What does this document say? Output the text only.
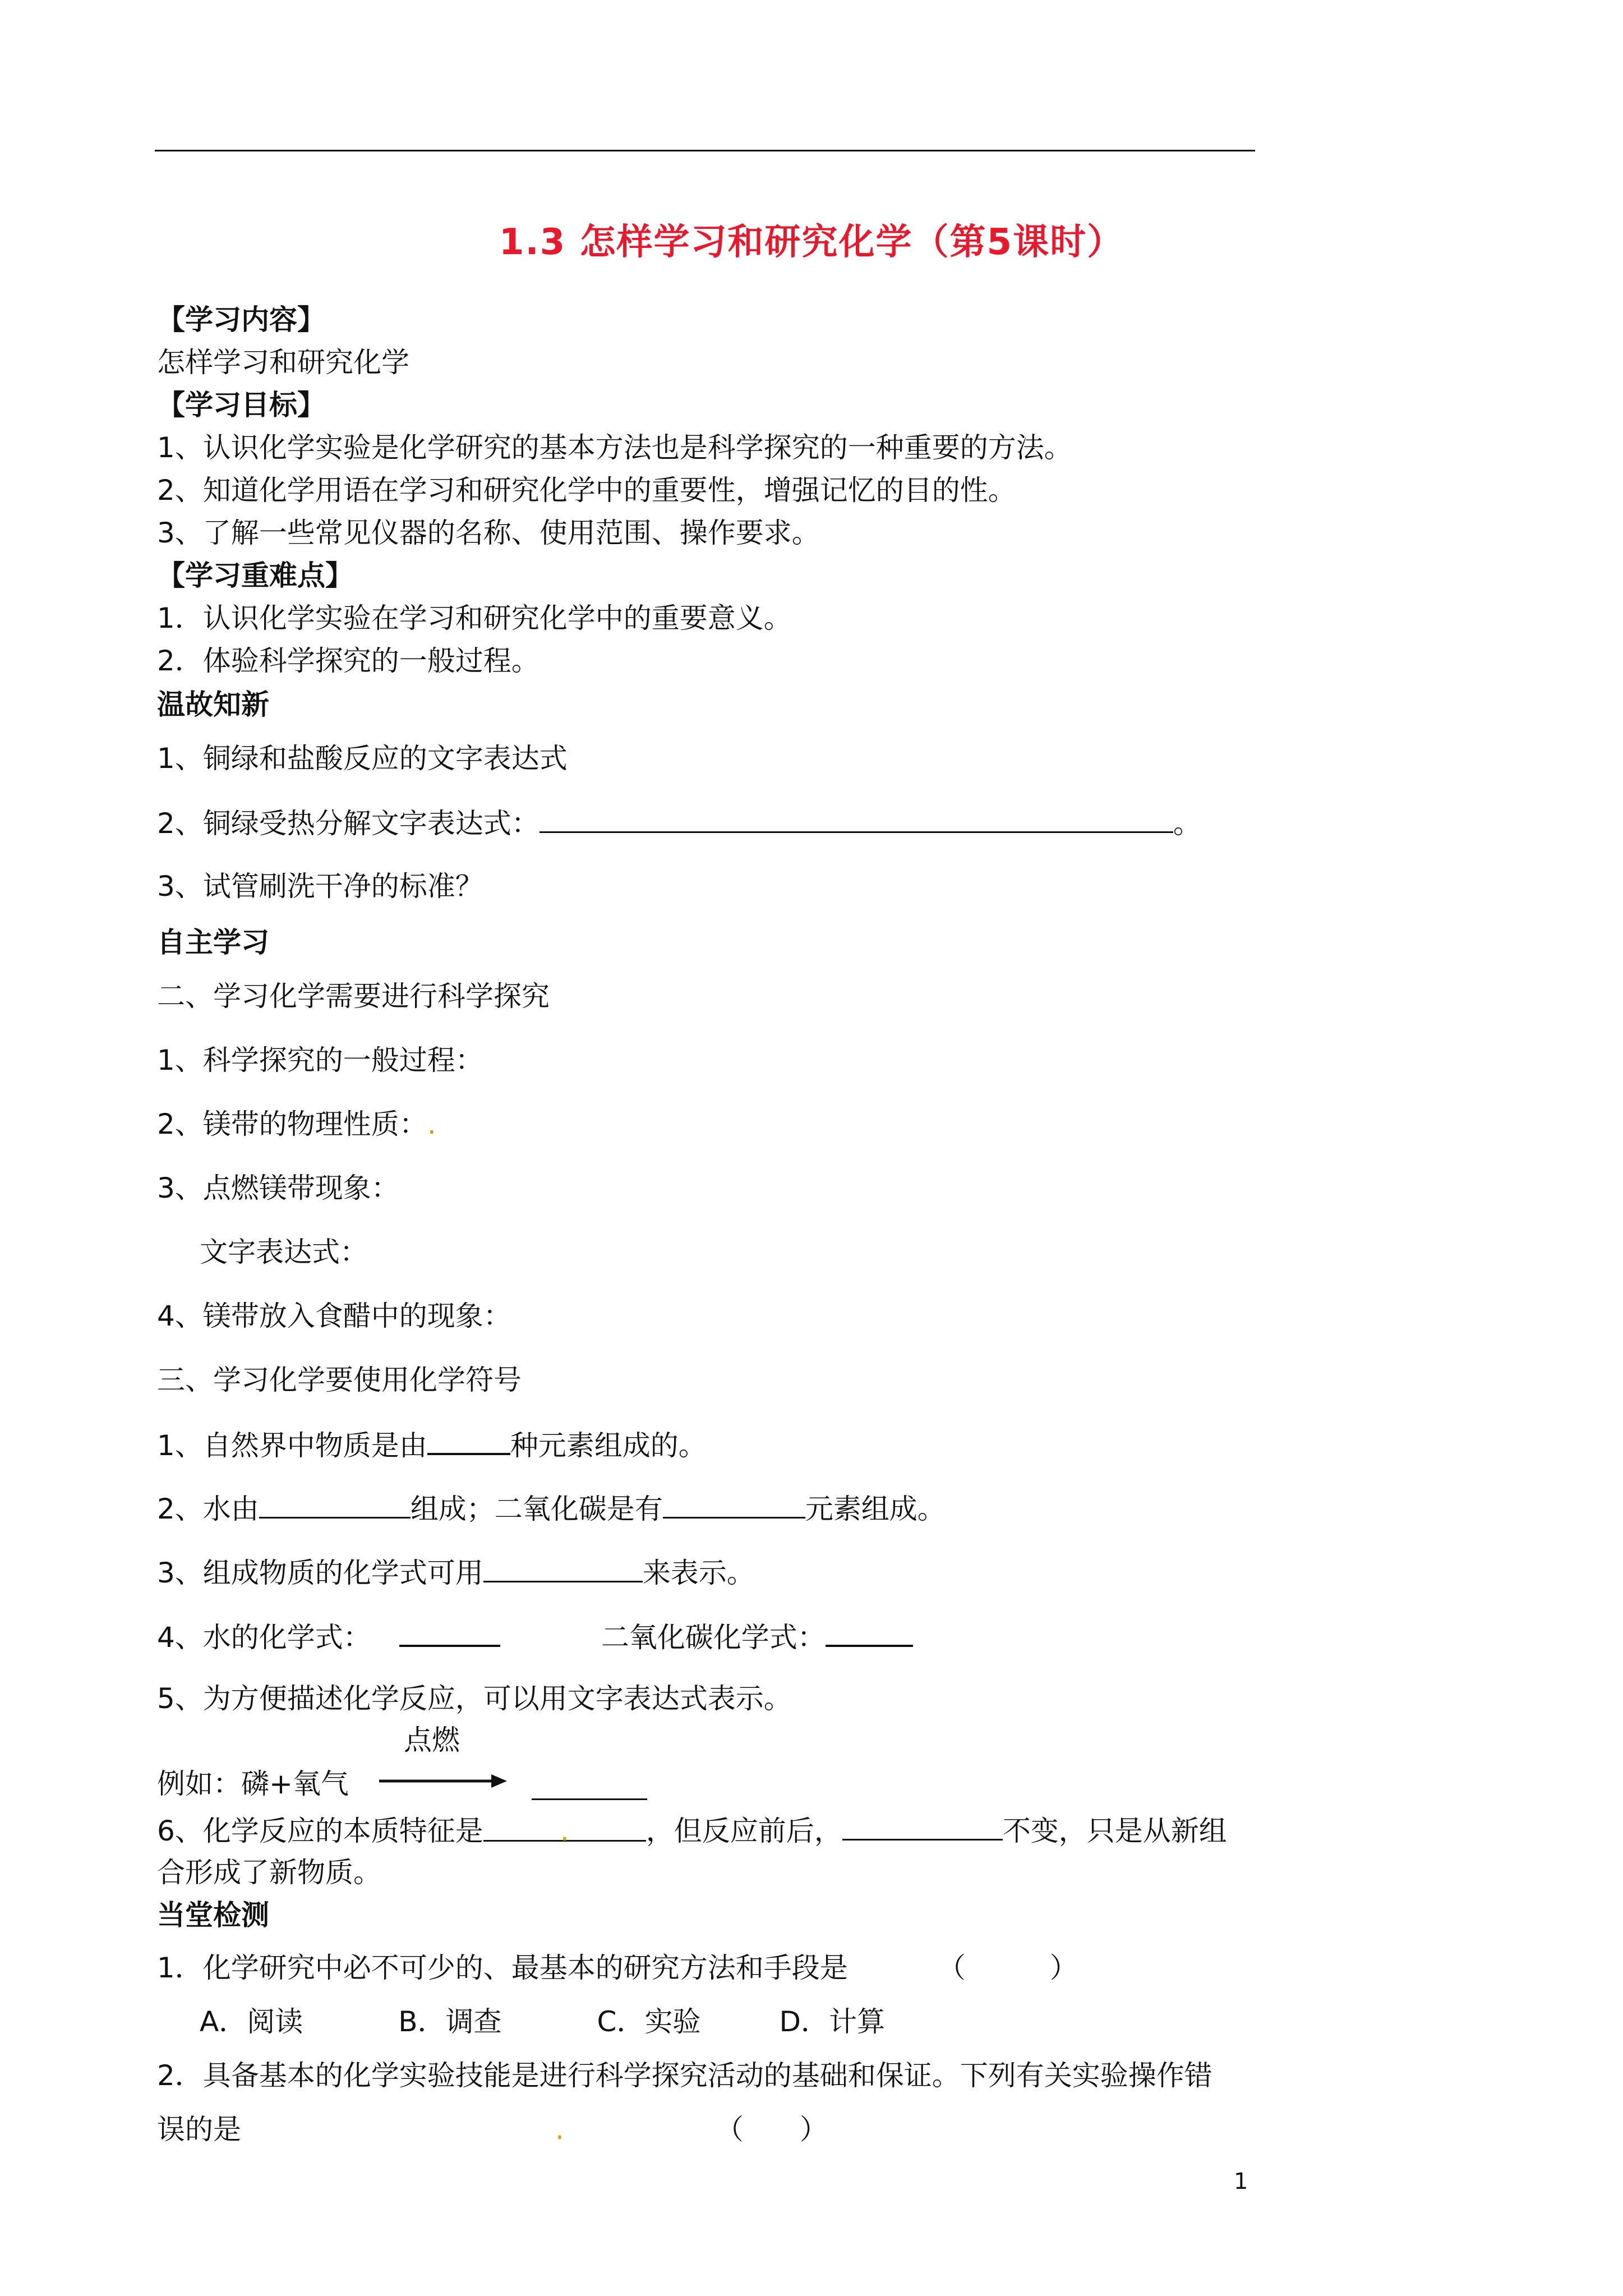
1.3 怎样学习和研究化学（第5课时）
【学习内容】
怎样学习和研究化学
【学习目标】
1、认识化学实验是化学研究的基本方法也是科学探究的一种重要的方法。
2、知道化学用语在学习和研究化学中的重要性，增强记忆的目的性。
3、了解一些常见仪器的名称、使用范围、操作要求。
【学习重难点】
1．认识化学实验在学习和研究化学中的重要意义。
2．体验科学探究的一般过程。
温故知新
1、铜绿和盐酸反应的文字表达式
2、铜绿受热分解文字表达式：	。
3、试管刷洗干净的标准？
自主学习
二、学习化学需要进行科学探究
1、科学探究的一般过程：
2、镁带的物理性质：.
3、点燃镁带现象：
文字表达式：
4、镁带放入食醋中的现象：
三、学习化学要使用化学符号
1、自然界中物质是由	种元素组成的。
2、水由	组成；二氧化碳是有	元素组成。
3、组成物质的化学式可用	来表示。
4、水的化学式：	二氧化碳化学式：
5、为方便描述化学反应，可以用文字表达式表示。
点燃
例如：磷+氧气
6、化学反应的本质特征是	.	，但反应前后，	不变，只是从新组
合形成了新物质。
当堂检测
1．化学研究中必不可少的、最基本的研究方法和手段是	（　　　）
A．阅读	B．调查	C．实验	D．计算
2．具备基本的化学实验技能是进行科学探究活动的基础和保证。下列有关实验操作错
误的是	.	（　　）
1
